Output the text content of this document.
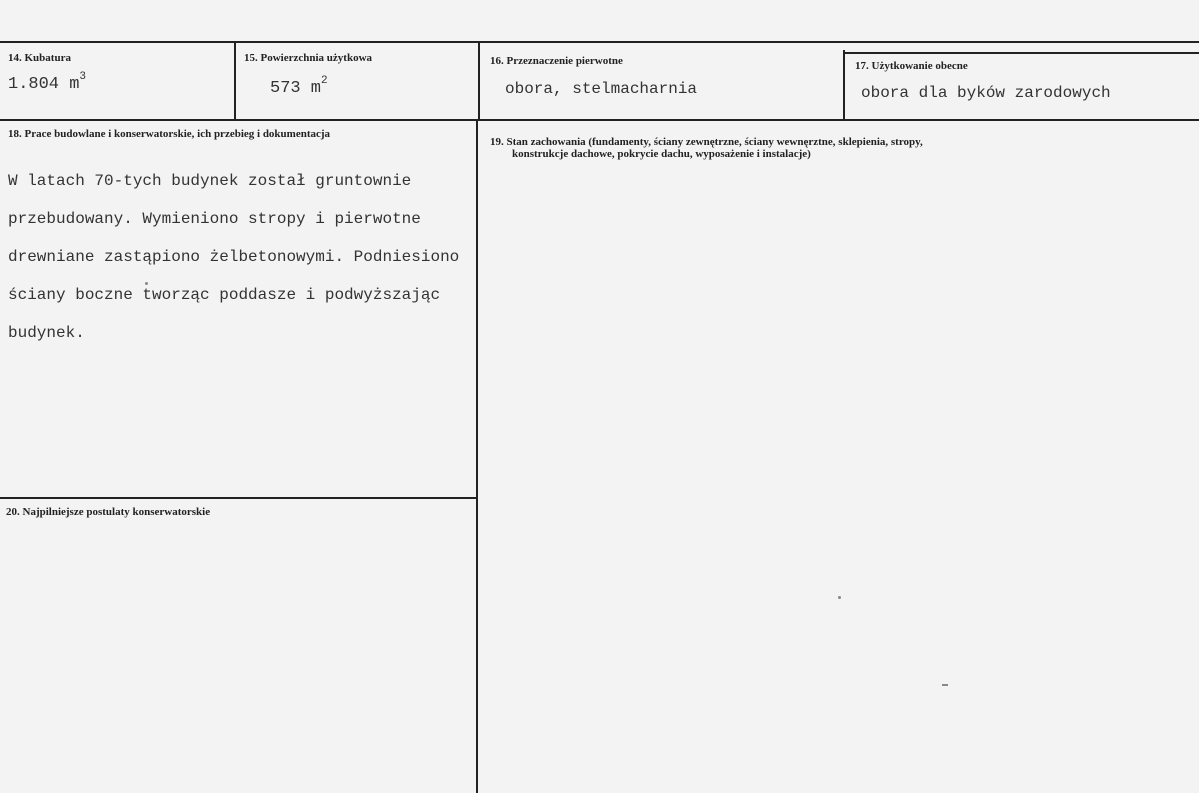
14. Kubatura
1.804 $m^3$
15. Powierzchnia użytkowa
573 $m^2$
16. Przeznaczenie pierwotne
obora, stelmacharnia
17. Użytkowanie obecne
obora dla byków zarodowych
18. Prace budowlane i konserwatorskie, ich przebieg i dokumentacja

W latach 70-tych budynek został gruntownie

przebudowany. Wymieniono stropy i pierwotne

drewniane zastąpiono żelbetonowymi. Podniesiono

ściany boczne tworząc poddasze i podwyższając

budynek.

19. Stan zachowania (fundamenty, ściany zewnętrzne, ściany wewnęrztne, sklepienia, stropy,
konstrukcje dachowe, pokrycie dachu, wyposażenie i instalacje)
20. Najpilniejsze postulaty konserwatorskie
